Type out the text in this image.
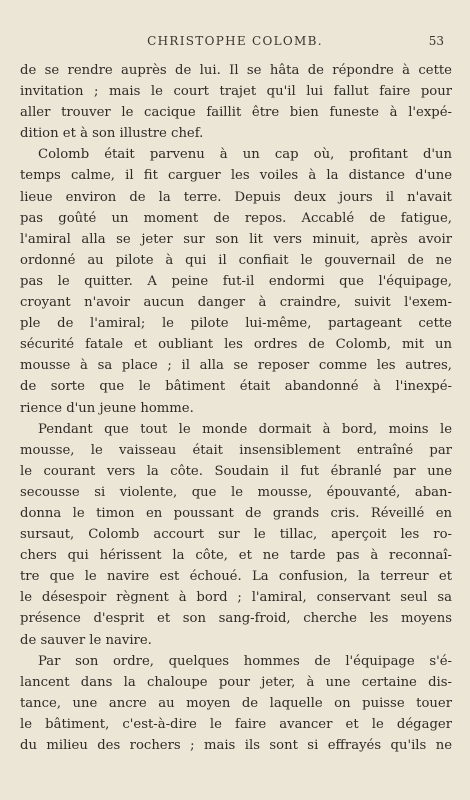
CHRISTOPHE COLOMB.	53
de se rendre auprès de lui. Il se hâta de répondre à cette
invitation ; mais le court trajet qu'il lui fallut faire pour
aller trouver le cacique faillit être bien funeste à l'expé-
dition et à son illustre chef.
Colomb était parvenu à un cap où, profitant d'un
temps calme, il fit carguer les voiles à la distance d'une
lieue environ de la terre. Depuis deux jours il n'avait
pas goûté un moment de repos. Accablé de fatigue,
l'amiral alla se jeter sur son lit vers minuit, après avoir
ordonné au pilote à qui il confiait le gouvernail de ne
pas le quitter. A peine fut-il endormi que l'équipage,
croyant n'avoir aucun danger à craindre, suivit l'exem-
ple de l'amiral; le pilote lui-même, partageant cette
sécurité fatale et oubliant les ordres de Colomb, mit un
mousse à sa place ; il alla se reposer comme les autres,
de sorte que le bâtiment était abandonné à l'inexpé-
rience d'un jeune homme.
Pendant que tout le monde dormait à bord, moins le
mousse, le vaisseau était insensiblement entraîné par
le courant vers la côte. Soudain il fut ébranlé par une
secousse si violente, que le mousse, épouvanté, aban-
donna le timon en poussant de grands cris. Réveillé en
sursaut, Colomb accourt sur le tillac, aperçoit les ro-
chers qui hérissent la côte, et ne tarde pas à reconnaî-
tre que le navire est échoué. La confusion, la terreur et
le désespoir règnent à bord ; l'amiral, conservant seul sa
présence d'esprit et son sang-froid, cherche les moyens
de sauver le navire.
Par son ordre, quelques hommes de l'équipage s'é-
lancent dans la chaloupe pour jeter, à une certaine dis-
tance, une ancre au moyen de laquelle on puisse touer
le bâtiment, c'est-à-dire le faire avancer et le dégager
du milieu des rochers ; mais ils sont si effrayés qu'ils ne
